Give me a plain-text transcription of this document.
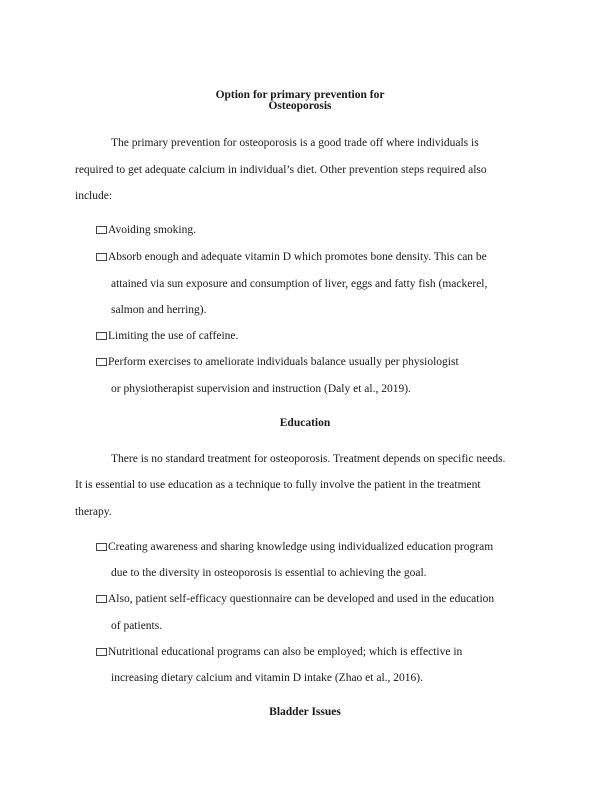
Option for primary prevention for
Osteoporosis
The primary prevention for osteoporosis is a good trade off where individuals is
required to get adequate calcium in individual’s diet. Other prevention steps required also
include:
Avoiding smoking.
Absorb enough and adequate vitamin D which promotes bone density. This can be
attained via sun exposure and consumption of liver, eggs and fatty fish (mackerel,
salmon and herring).
Limiting the use of caffeine.
Perform exercises to ameliorate individuals balance usually per physiologist
or physiotherapist supervision and instruction (Daly et al., 2019).
Education
There is no standard treatment for osteoporosis. Treatment depends on specific needs.
It is essential to use education as a technique to fully involve the patient in the treatment
therapy.
Creating awareness and sharing knowledge using individualized education program
due to the diversity in osteoporosis is essential to achieving the goal.
Also, patient self-efficacy questionnaire can be developed and used in the education
of patients.
Nutritional educational programs can also be employed; which is effective in
increasing dietary calcium and vitamin D intake (Zhao et al., 2016).
Bladder Issues
